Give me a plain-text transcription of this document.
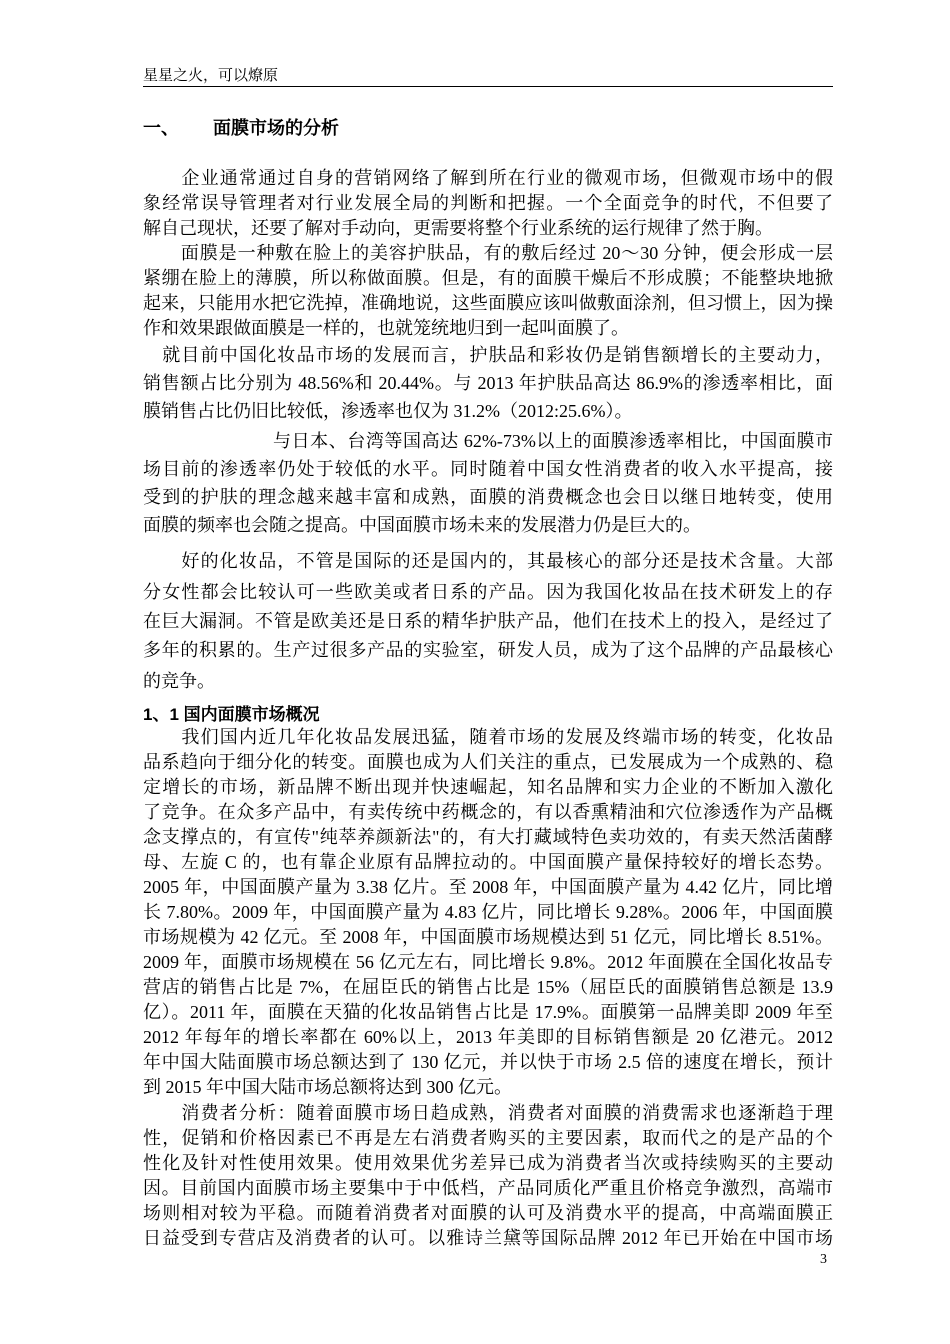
星星之火，可以燎原
一、 面膜市场的分析
1、1 国内面膜市场概况
　　企业通常通过自身的营销网络了解到所在行业的微观市场，但微观市场中的假
象经常误导管理者对行业发展全局的判断和把握。一个全面竞争的时代，不但要了
解自己现状，还要了解对手动向，更需要将整个行业系统的运行规律了然于胸。
　　面膜是一种敷在脸上的美容护肤品，有的敷后经过 20～30 分钟，便会形成一层
紧绷在脸上的薄膜，所以称做面膜。但是，有的面膜干燥后不形成膜；不能整块地掀
起来，只能用水把它洗掉，准确地说，这些面膜应该叫做敷面涂剂，但习惯上，因为操
作和效果跟做面膜是一样的，也就笼统地归到一起叫面膜了。
　就目前中国化妆品市场的发展而言，护肤品和彩妆仍是销售额增长的主要动力，
销售额占比分别为 48.56%和 20.44%。与 2013 年护肤品高达 86.9%的渗透率相比，面
膜销售占比仍旧比较低，渗透率也仅为 31.2%（2012:25.6%）。
　　　　　　　与日本、台湾等国高达 62%-73%以上的面膜渗透率相比，中国面膜市
场目前的渗透率仍处于较低的水平。同时随着中国女性消费者的收入水平提高，接
受到的护肤的理念越来越丰富和成熟，面膜的消费概念也会日以继日地转变，使用
面膜的频率也会随之提高。中国面膜市场未来的发展潜力仍是巨大的。
　　好的化妆品，不管是国际的还是国内的，其最核心的部分还是技术含量。大部
分女性都会比较认可一些欧美或者日系的产品。因为我国化妆品在技术研发上的存
在巨大漏洞。不管是欧美还是日系的精华护肤产品，他们在技术上的投入，是经过了
多年的积累的。生产过很多产品的实验室，研发人员，成为了这个品牌的产品最核心
的竞争。
　　我们国内近几年化妆品发展迅猛，随着市场的发展及终端市场的转变，化妆品
品系趋向于细分化的转变。面膜也成为人们关注的重点，已发展成为一个成熟的、稳
定增长的市场，新品牌不断出现并快速崛起，知名品牌和实力企业的不断加入激化
了竞争。在众多产品中，有卖传统中药概念的，有以香熏精油和穴位渗透作为产品概
念支撑点的，有宣传"纯萃养颜新法"的，有大打藏域特色卖功效的，有卖天然活菌酵
母、左旋 C 的，也有靠企业原有品牌拉动的。中国面膜产量保持较好的增长态势。
2005 年，中国面膜产量为 3.38 亿片。至 2008 年，中国面膜产量为 4.42 亿片，同比增
长 7.80%。2009 年，中国面膜产量为 4.83 亿片，同比增长 9.28%。2006 年，中国面膜
市场规模为 42 亿元。至 2008 年，中国面膜市场规模达到 51 亿元，同比增长 8.51%。
2009 年，面膜市场规模在 56 亿元左右，同比增长 9.8%。2012 年面膜在全国化妆品专
营店的销售占比是 7%，在屈臣氏的销售占比是 15%（屈臣氏的面膜销售总额是 13.9
亿）。2011 年，面膜在天猫的化妆品销售占比是 17.9%。面膜第一品牌美即 2009 年至
2012 年每年的增长率都在 60%以上，2013 年美即的目标销售额是 20 亿港元。2012
年中国大陆面膜市场总额达到了 130 亿元，并以快于市场 2.5 倍的速度在增长，预计
到 2015 年中国大陆市场总额将达到 300 亿元。
　　消费者分析：随着面膜市场日趋成熟，消费者对面膜的消费需求也逐渐趋于理
性，促销和价格因素已不再是左右消费者购买的主要因素，取而代之的是产品的个
性化及针对性使用效果。使用效果优劣差异已成为消费者当次或持续购买的主要动
因。目前国内面膜市场主要集中于中低档，产品同质化严重且价格竞争激烈，高端市
场则相对较为平稳。而随着消费者对面膜的认可及消费水平的提高，中高端面膜正
日益受到专营店及消费者的认可。以雅诗兰黛等国际品牌 2012 年已开始在中国市场
3
